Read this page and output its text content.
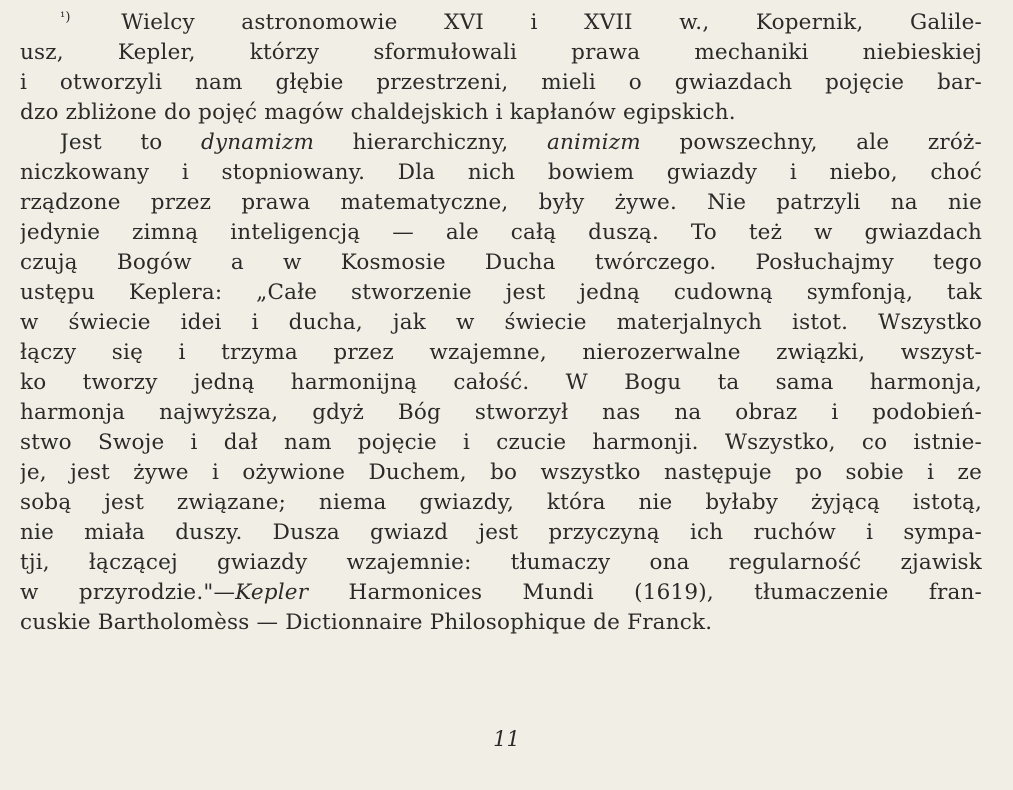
$^{^1)}$ Wielcy astronomowie XVI i XVII w., Kopernik, Galile-
usz, Kepler, którzy sformułowali prawa mechaniki niebieskiej
i otworzyli nam głębie przestrzeni, mieli o gwiazdach pojęcie bar-
dzo zbliżone do pojęć magów chaldejskich i kapłanów egipskich.
Jest to dynamizm hierarchiczny, animizm powszechny, ale zróż-
niczkowany i stopniowany. Dla nich bowiem gwiazdy i niebo, choć
rządzone przez prawa matematyczne, były żywe. Nie patrzyli na nie
jedynie zimną inteligencją — ale całą duszą. To też w gwiazdach
czują Bogów a w Kosmosie Ducha twórczego. Posłuchajmy tego
ustępu Keplera: „Całe stworzenie jest jedną cudowną symfonją, tak
w świecie idei i ducha, jak w świecie materjalnych istot. Wszystko
łączy się i trzyma przez wzajemne, nierozerwalne związki, wszyst-
ko tworzy jedną harmonijną całość. W Bogu ta sama harmonja,
harmonja najwyższa, gdyż Bóg stworzył nas na obraz i podobień-
stwo Swoje i dał nam pojęcie i czucie harmonji. Wszystko, co istnie-
je, jest żywe i ożywione Duchem, bo wszystko następuje po sobie i ze
sobą jest związane; niema gwiazdy, która nie byłaby żyjącą istotą,
nie miała duszy. Dusza gwiazd jest przyczyną ich ruchów i sympa-
tji, łączącej gwiazdy wzajemnie: tłumaczy ona regularność zjawisk
w przyrodzie."—Kepler Harmonices Mundi (1619), tłumaczenie fran-
cuskie Bartholomèss — Dictionnaire Philosophique de Franck.
11
